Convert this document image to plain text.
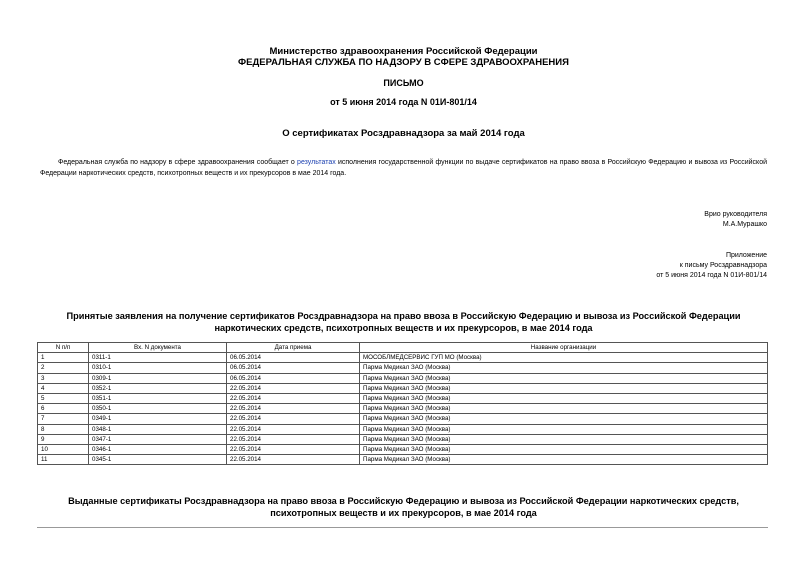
Министерство здравоохранения Российской Федерации
ФЕДЕРАЛЬНАЯ СЛУЖБА ПО НАДЗОРУ В СФЕРЕ ЗДРАВООХРАНЕНИЯ
ПИСЬМО
от 5 июня 2014 года N 01И-801/14
О сертификатах Росздравнадзора за май 2014 года
Федеральная служба по надзору в сфере здравоохранения сообщает о результатах исполнения государственной функции по выдаче сертификатов на право ввоза в Российскую Федерацию и вывоза из Российской Федерации наркотических средств, психотропных веществ и их прекурсоров в мае 2014 года.
Врио руководителя
М.А.Мурашко
Приложение
к письму Росздравнадзора
от 5 июня 2014 года N 01И-801/14
Принятые заявления на получение сертификатов Росздравнадзора на право ввоза в Российскую Федерацию и вывоза из Российской Федерации наркотических средств, психотропных веществ и их прекурсоров, в мае 2014 года
N п/п	Вх. N документа	Дата приема	Название организации
1	0311-1	06.05.2014	МОСОБЛМЕДСЕРВИС ГУП МО (Москва)
2	0310-1	06.05.2014	Парма Медикал ЗАО (Москва)
3	0309-1	06.05.2014	Парма Медикал ЗАО (Москва)
4	0352-1	22.05.2014	Парма Медикал ЗАО (Москва)
5	0351-1	22.05.2014	Парма Медикал ЗАО (Москва)
6	0350-1	22.05.2014	Парма Медикал ЗАО (Москва)
7	0349-1	22.05.2014	Парма Медикал ЗАО (Москва)
8	0348-1	22.05.2014	Парма Медикал ЗАО (Москва)
9	0347-1	22.05.2014	Парма Медикал ЗАО (Москва)
10	0346-1	22.05.2014	Парма Медикал ЗАО (Москва)
11	0345-1	22.05.2014	Парма Медикал ЗАО (Москва)
Выданные сертификаты Росздравнадзора на право ввоза в Российскую Федерацию и вывоза из Российской Федерации наркотических средств, психотропных веществ и их прекурсоров, в мае 2014 года
